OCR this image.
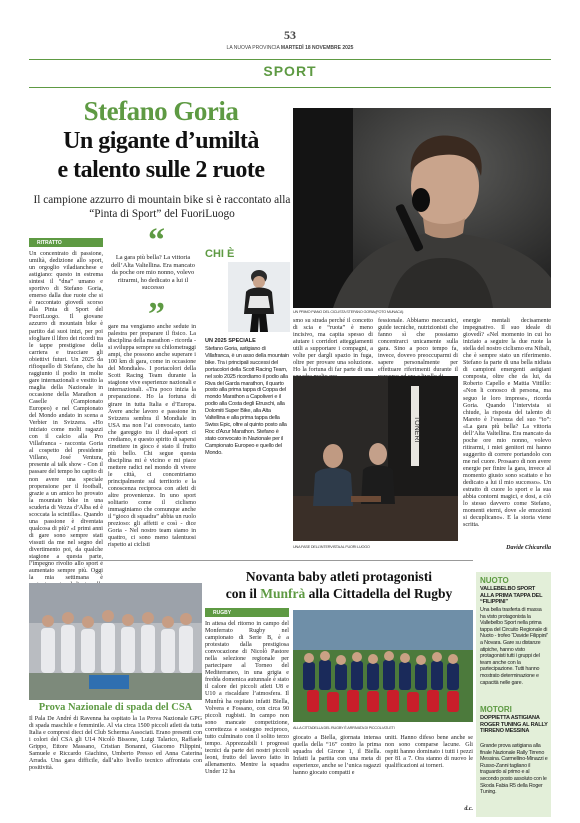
53
LA NUOVA PROVINCIA MARTEDÌ 18 NOVEMBRE 2025
SPORT
Stefano Goria
Un gigante d’umiltà
e talento sulle 2 ruote
Il campione azzurro di mountain bike si è raccontato alla “Pinta di Sport” del FuoriLuogo
UN PRIMO PIANO DEL CICLISTA STEFANO GORIA (FOTO MUNACA)
RITRATTO
Un concentrato di passione, umiltà, dedizione allo sport, un orgoglio viladianchese e astigiano: questo in estrema sintesi il “dna” umano e sportivo di Stefano Goria, emerso dalla due ruote che si è raccontato giovedì scorso alla Pinta di Sport del FuoriLuogo. Il giovane azzurro di mountain bike è partito dai suoi inizi, per poi sfogliare il libro dei ricordi tra le tappe prestigiose della carriera e tracciare gli obiettivi futuri. Un 2025 da rifioquello di Stefano, che ha raggiunto il podio in molte gare internazionali e vestito la maglia della Nazionale in occasione della Marathon a Caselle (Campionato Europeo) e nel Campionato del Mondo andato in scena a Verbier in Svizzera. «Ho iniziato come molti ragazzi con il calcio alla Pro Villafranca - racconta Goria al cospetto del presidente Villano, José Ventura, presente al talk show - Con il passare del tempo ho capito di non avere una speciale propensione per il football, grazie a un amico ho provato la mountain bike in una scuderia di Vezza d’Alba ed è scoccata la scintilla». Quando una passione è diventata qualcosa di più? «I primi anni di gare sono sempre stati vissuti da me nel segno del divertimento poi, da qualche stagione a questa parte, l’impegno rivolto allo sport è aumentato sempre più. Oggi la mia settimana è
“
La gara più bella? La vittoria dell’Alta Valtellina. Era mancato da poche ore mio nonno, volevo ritrarmi, ho dedicato a lui il successo
”
gare ma vengiamo anche sedute in palestra per preparare il fisico. La disciplina della marathon - ricorda - si sviluppa sempre su chilometraggi ampi, che possono anche superare i 100 km di gara, come in occasione del Mondiale». I portacolori della Scott Racing Team durante la stagione vive esperienze nazionali e internazionali. «Tra poco inizia la preparazione. Ho la fortuna di girare in tutta Italia e d’Europa. Avere anche lavoro e passione in Svizzera sembra il Mondiale in USA ma non l’ai convocato, tanto che gareggio tra il dual-sport ci crediamo, e questo spirito di sapersi rimettere in gioco è stato il frutto più bello. Chi segue questa disciplina mi è vicino e mi piace mettere radici nel mondo di vivere le città, ci concentriamo principalmente sul territorio e la conoscenza reciproca con atleti di altre provenienze. In uno sport solitario come il ciclismo immaginiamo che comunque anche il “gioco di squadra” abbia un ruolo prezioso: gli affetti e così - dice Goria - Nel nostro team siamo in quattro, ci sono meno talentuosi rispetto ai ciclisti
CHI È
UN 2025 SPECIALE
Stefano Goria, astigiano di Villafranca, è un asso della mountain bike. Tra i principali successi del portacolori della Scott Racing Team, nel solo 2025 ricordiamo il podio alla Riva del Garda marathon, il quarto posto alla prima tappa di Coppa del mondo Marathon a Capoliveri e il podio alla Costa degli Etruschi, alla Dolomiti Super Bike, alla Alta Valtellina e alla prima tappa della Swiss Epic, oltre al quinto posto alla Roc d’Azur Marathon. Stefano è stato convocato in Nazionale per il Campionato Europeo e quello del Mondo.
smo su strada perché il concetto di scia e “ruota” è meno incisivo, ma capita spesso di aiutare i corridori atteggiamenti utili a supportare i compagni, a volte per dargli spazio in fuga, oltre per provare una soluzione. Ho la fortuna di far parte di una
fessionale. Abbiamo meccanici, guide tecniche, nutrizionisti che fanno sì che possiamo concentrarci unicamente sulla gara. Sino a poco tempo fa, invece, dovevo preoccuparmi di sapere personalmente per effettuare riferimenti durante il
TONERI
UNA FASE DELL’INTERVISTA AL FUORI LUOGO
energie mentali decisamente impegnativo. Il suo ideale di giovedì? «Nel momento in cui ho iniziato a seguire la due ruote la stella del nostro ciclismo era Nibali, che è sempre stato un riferimento. Stefano fa parte di una bella nidiata di campioni emergenti astigiani composta, oltre che da lui, da Roberto Capello e Mattia Vittillo: «Non li conosco di persona, ma seguo le loro imprese», ricorda Goria. Quando l’intervista si chiude, la risposta del talento di Mareto è l’essenza del suo “io”: «La gara più bella? La vittoria dell’Alta Valtellina. Era mancato da poche ore mio nonno, volevo ritirarmi, i miei genitori mi hanno suggerito di correre portandolo con me nel cuore. Prosaaro di non avere energie per finire la gara, invece al momento giusto sono scattato e ho dedicato a lui il mio successo». Un estratto di cuore lo sport e la sua abbia contorni magici, e dosi, a ciò lo stesso davvero come Stefano, momenti eterni, dove «le emozioni si decuplicano». E la storia viene scritta.
Davide Chicarella
Prova Nazionale di spada del CSA
Il Pala De André di Ravenna ha ospitato la 1a Prova Nazionale GPG di spada maschile e femminile. Al via circa 1500 piccoli atleti da tutta Italia e compresi dieci del Club Scherma Associati. Erano presenti con i colori del CSA gli U14 Nicolò Bissone, Luigi Talarico, Raffaele Grippo, Ettore Massano, Cristian Bonanni, Giacomo Filippini, Samuele e Riccardo Giachino, Umberto Presso ed Anna Caterina Arrada. Una gara difficile, dall’alto livello tecnico affrontata con positività.
Novanta baby atleti protagonisti
con il Munfrà alla Cittadella del Rugby
RUGBY
In attesa del ritorno in campo del Monferrato Rugby nel campionato di Serie B, è a protestato dalla prestigiosa convocazione di Nicolò Pastore nella selezione regionale per partecipare al Torneo del Mediterraneo, in una grigia e fredda domenica autunnale è stato il calore dei piccoli atleti U8 e U10 a riscaldare l’atmosfera. Il Munfrà ha ospitato infatti Biella, Volvera e Fossano, con circa 90 piccoli rugbisti. In campo non sono mancate competizione, correttezza e sostegno reciproco, tutto culminato con il solito terzo tempo. Apprezzabili i progressi tecnici da parte dei nostri piccoli leoni, frutto del lavoro fatto in allenamento. Mentre la squadra Under 12 ha
ALLA CITTADELLA DEL RUGBY È ARRIVATA DI PICCOLI ATLETI
giocato a Biella, giornata intensa quella della “16” contro la prima squadra del Girone 1, il Biella. Infatti la partita con una meta di esperienze, anche se l’unica ragazzi hanno giocato compatti e
uniti. Hanno difeso bene anche se non sono comparse lacune. Gli ospiti hanno dominato i tutti i pezzi per 81 a 7. Ora stanno di nuovo le qualificazioni ai torneri.
d.c.
NUOTO
VALLEBELBO SPORT ALLA PRIMA TAPPA DEL “FILIPPINI”
Una bella trasferta di massa ha visto protagonista la Vallebelbo Sport nella prima tappa del Circuito Regionale di Nuoto - trofeo “Davide Filippini” a Novara. Gare su distanze atipiche, hanno visto protagonisti tutti i gruppi del team anche con la partecipazione. Tutti hanno mostrato determinazione e capacità nelle gare.
MOTORI
DOPPIETTA ASTIGIANA ROGER TUNING AL RALLY TIRRENO MESSINA
Grande prova astigiana alla finale Nazionale Rally Tirreno Messina. Carmellino-Minazzi e Russo-Zanni tagliano il traguardo al primo e al secondo posto assoluto con le Skoda Fabia R5 della Roger Tuning.
